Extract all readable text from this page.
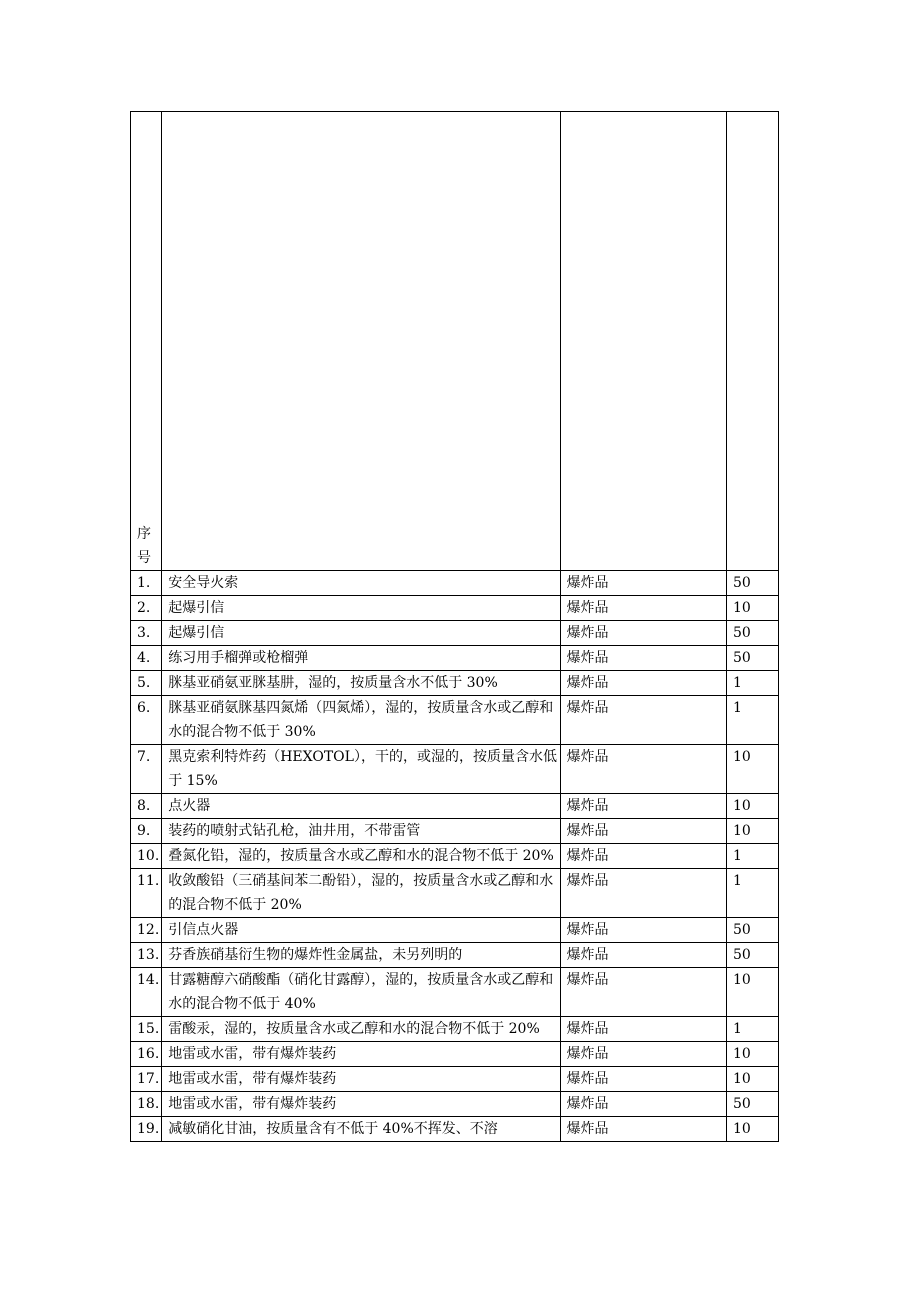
序
号			

1.	安全导火索	爆炸品	50
2.	起爆引信	爆炸品	10
3.	起爆引信	爆炸品	50
4.	练习用手榴弹或枪榴弹	爆炸品	50
5.	脒基亚硝氨亚脒基肼，湿的，按质量含水不低于 30%	爆炸品	1
6.	脒基亚硝氨脒基四氮烯（四氮烯），湿的，按质量含水或乙醇和水的混合物不低于 30%	爆炸品	1
7.	黑克索利特炸药（HEXOTOL），干的，或湿的，按质量含水低于 15%	爆炸品	10
8.	点火器	爆炸品	10
9.	装药的喷射式钻孔枪，油井用，不带雷管	爆炸品	10
10.	叠氮化铅，湿的，按质量含水或乙醇和水的混合物不低于 20%	爆炸品	1
11.	收敛酸铅（三硝基间苯二酚铅），湿的，按质量含水或乙醇和水的混合物不低于 20%	爆炸品	1
12.	引信点火器	爆炸品	50
13.	芬香族硝基衍生物的爆炸性金属盐，未另列明的	爆炸品	50
14.	甘露糖醇六硝酸酯（硝化甘露醇），湿的，按质量含水或乙醇和水的混合物不低于 40%	爆炸品	10
15.	雷酸汞，湿的，按质量含水或乙醇和水的混合物不低于 20%	爆炸品	1
16.	地雷或水雷，带有爆炸装药	爆炸品	10
17.	地雷或水雷，带有爆炸装药	爆炸品	10
18.	地雷或水雷，带有爆炸装药	爆炸品	50
19.	减敏硝化甘油，按质量含有不低于 40%不挥发、不溶	爆炸品	10
